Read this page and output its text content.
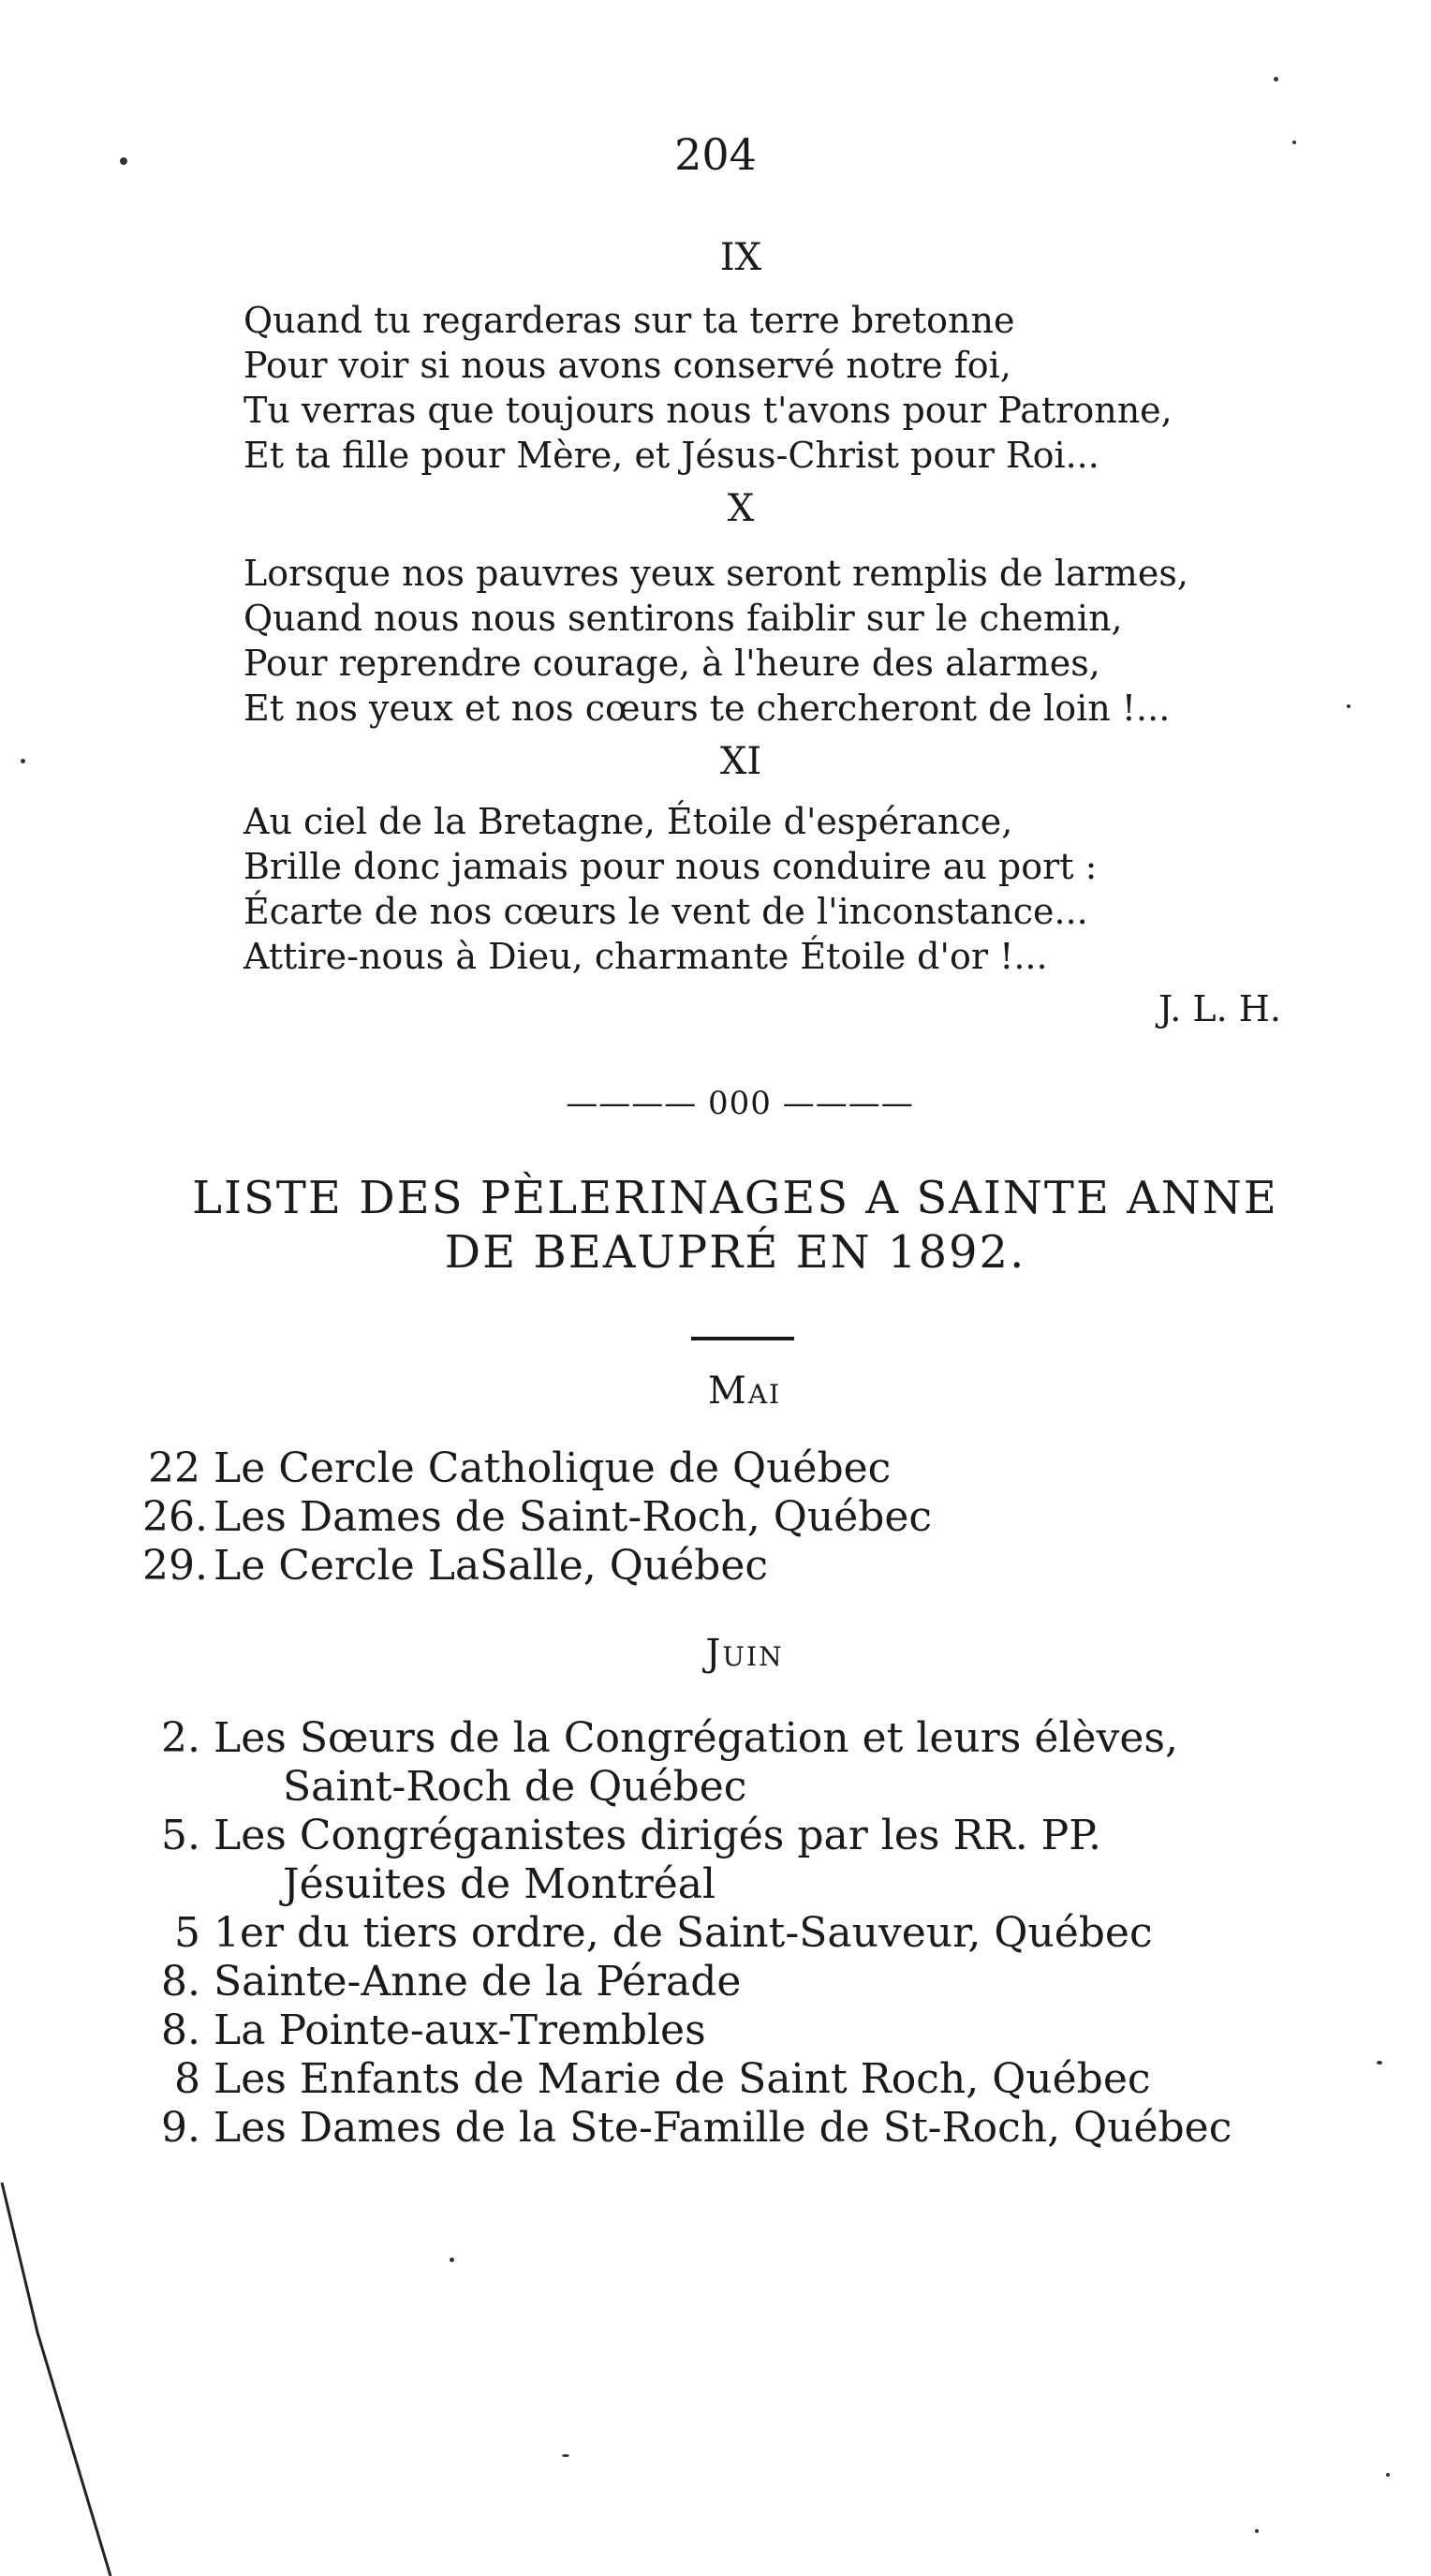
204
IX
Quand tu regarderas sur ta terre bretonne
Pour voir si nous avons conservé notre foi,
Tu verras que toujours nous t'avons pour Patronne,
Et ta fille pour Mère, et Jésus-Christ pour Roi...
X
Lorsque nos pauvres yeux seront remplis de larmes,
Quand nous nous sentirons faiblir sur le chemin,
Pour reprendre courage, à l'heure des alarmes,
Et nos yeux et nos cœurs te chercheront de loin !...
XI
Au ciel de la Bretagne, Étoile d'espérance,
Brille donc jamais pour nous conduire au port :
Écarte de nos cœurs le vent de l'inconstance...
Attire-nous à Dieu, charmante Étoile d'or !...
J. L. H.
———— 000 ————
LISTE DES PÈLERINAGES A SAINTE ANNE
DE BEAUPRÉ EN 1892.
Mai
22 Le Cercle Catholique de Québec
26. Les Dames de Saint-Roch, Québec
29. Le Cercle LaSalle, Québec
Juin
2. Les Sœurs de la Congrégation et leurs élèves,
Saint-Roch de Québec
5. Les Congréganistes dirigés par les RR. PP.
Jésuites de Montréal
5 1er du tiers ordre, de Saint-Sauveur, Québec
8. Sainte-Anne de la Pérade
8. La Pointe-aux-Trembles
8 Les Enfants de Marie de Saint Roch, Québec
9. Les Dames de la Ste-Famille de St-Roch, Québec
